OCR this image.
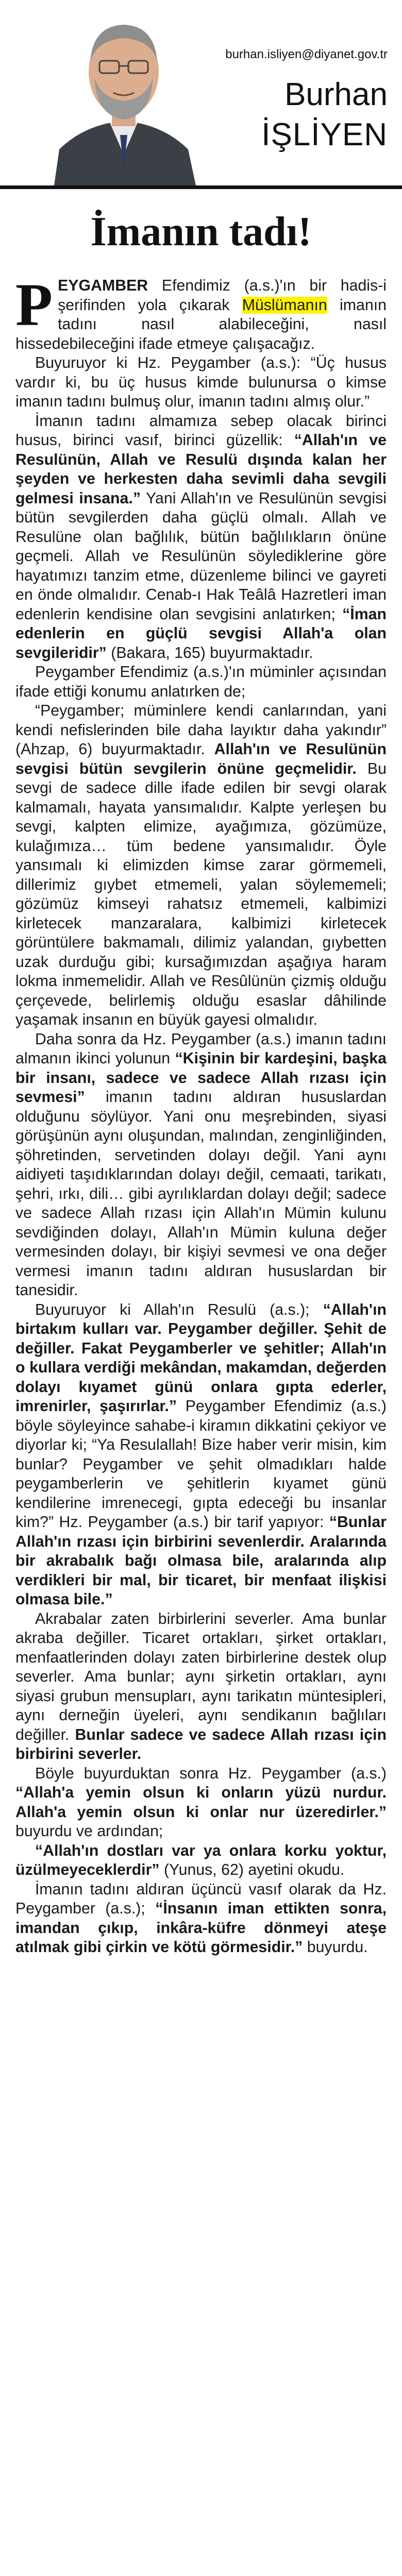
burhan.isliyen@diyanet.gov.tr
Burhan
İŞLİYEN
İmanın tadı!

PEYGAMBER Efendimiz (a.s.)'ın bir hadis-i şerifinden yola çıkarak Müslümanın imanın tadını nasıl alabileceğini, nasıl hissedebileceğini ifade etmeye çalışacağız.

Buyuruyor ki Hz. Peygamber (a.s.): “Üç husus vardır ki, bu üç husus kimde bulunursa o kimse imanın tadını bulmuş olur, imanın tadını almış olur.”

İmanın tadını almamıza sebep olacak birinci husus, birinci vasıf, birinci güzellik: “Allah'ın ve Resulünün, Allah ve Resulü dışında kalan her şeyden ve herkesten daha sevimli daha sevgili gelmesi insana.” Yani Allah'ın ve Resulünün sevgisi bütün sevgilerden daha güçlü olmalı. Allah ve Resulüne olan bağlılık, bütün bağlılıkların önüne geçmeli. Allah ve Resulünün söylediklerine göre hayatımızı tanzim etme, düzenleme bilinci ve gayreti en önde olmalıdır. Cenab-ı Hak Teâlâ Hazretleri iman edenlerin kendisine olan sevgisini anlatırken; “İman edenlerin en güçlü sevgisi Allah'a olan sevgileridir” (Bakara, 165) buyurmaktadır.

Peygamber Efendimiz (a.s.)'ın müminler açısından ifade ettiği konumu anlatırken de;

“Peygamber; müminlere kendi canlarından, yani kendi nefislerinden bile daha layıktır daha yakındır” (Ahzap, 6) buyurmaktadır. Allah'ın ve Resulünün sevgisi bütün sevgilerin önüne geçmelidir. Bu sevgi de sadece dille ifade edilen bir sevgi olarak kalmamalı, hayata yansımalıdır. Kalpte yerleşen bu sevgi, kalpten elimize, ayağımıza, gözümüze, kulağımıza… tüm bedene yansımalıdır. Öyle yansımalı ki elimizden kimse zarar görmemeli, dillerimiz gıybet etmemeli, yalan söylememeli; gözümüz kimseyi rahatsız etmemeli, kalbimizi kirletecek manzaralara, kalbimizi kirletecek görüntülere bakmamalı, dilimiz yalandan, gıybetten uzak durduğu gibi; kursağımızdan aşağıya haram lokma inmemelidir. Allah ve Resûlünün çizmiş olduğu çerçevede, belirlemiş olduğu esaslar dâhilinde yaşamak insanın en büyük gayesi olmalıdır.

Daha sonra da Hz. Peygamber (a.s.) imanın tadını almanın ikinci yolunun “Kişinin bir kardeşini, başka bir insanı, sadece ve sadece Allah rızası için sevmesi” imanın tadını aldıran hususlardan olduğunu söylüyor. Yani onu meşrebinden, siyasi görüşünün aynı oluşundan, malından, zenginliğinden, şöhretinden, servetinden dolayı değil. Yani aynı aidiyeti taşıdıklarından dolayı değil, cemaati, tarikatı, şehri, ırkı, dili… gibi ayrılıklardan dolayı değil; sadece ve sadece Allah rızası için Allah'ın Mümin kulunu sevdiğinden dolayı, Allah'ın Mümin kuluna değer vermesinden dolayı, bir kişiyi sevmesi ve ona değer vermesi imanın tadını aldıran hususlardan bir tanesidir.

Buyuruyor ki Allah'ın Resulü (a.s.); “Allah'ın birtakım kulları var. Peygamber değiller. Şehit de değiller. Fakat Peygamberler ve şehitler; Allah'ın o kullara verdiği mekândan, makamdan, değerden dolayı kıyamet günü onlara gıpta ederler, imrenirler, şaşırırlar.” Peygamber Efendimiz (a.s.) böyle söyleyince sahabe-i kiramın dikkatini çekiyor ve diyorlar ki; “Ya Resulallah! Bize haber verir misin, kim bunlar? Peygamber ve şehit olmadıkları halde peygamberlerin ve şehitlerin kıyamet günü kendilerine imrenecegi, gıpta edeceği bu insanlar kim?” Hz. Peygamber (a.s.) bir tarif yapıyor: “Bunlar Allah'ın rızası için birbirini sevenlerdir. Aralarında bir akrabalık bağı olmasa bile, aralarında alıp verdikleri bir mal, bir ticaret, bir menfaat ilişkisi olmasa bile.”

Akrabalar zaten birbirlerini severler. Ama bunlar akraba değiller. Ticaret ortakları, şirket ortakları, menfaatlerinden dolayı zaten birbirlerine destek olup severler. Ama bunlar; aynı şirketin ortakları, aynı siyasi grubun mensupları, aynı tarikatın müntesipleri, aynı derneğin üyeleri, aynı sendikanın bağlıları değiller. Bunlar sadece ve sadece Allah rızası için birbirini severler.

Böyle buyurduktan sonra Hz. Peygamber (a.s.) “Allah'a yemin olsun ki onların yüzü nurdur. Allah'a yemin olsun ki onlar nur üzeredirler.” buyurdu ve ardından;

“Allah'ın dostları var ya onlara korku yoktur, üzülmeyeceklerdir” (Yunus, 62) ayetini okudu.

İmanın tadını aldıran üçüncü vasıf olarak da Hz. Peygamber (a.s.); “İnsanın iman ettikten sonra, imandan çıkıp, inkâra-küfre dönmeyi ateşe atılmak gibi çirkin ve kötü görmesidir.” buyurdu.
